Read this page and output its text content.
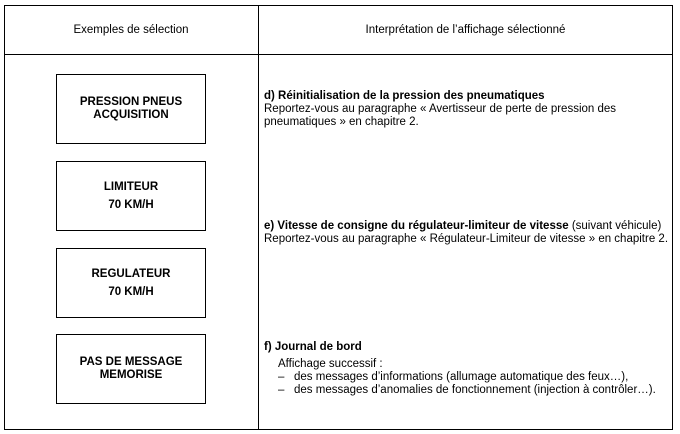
Exemples de sélection	Interprétation de l’affichage sélectionné
PRESSION PNEUS
ACQUISITION
LIMITEUR
70 KM/H
REGULATEUR
70 KM/H
PAS DE MESSAGE
MEMORISE
d) Réinitialisation de la pression des pneumatiques
Reportez-vous au paragraphe « Avertisseur de perte de pression des pneumatiques » en chapitre 2.
e) Vitesse de consigne du régulateur-limiteur de vitesse (suivant véhicule) Reportez-vous au paragraphe « Régulateur-Limiteur de vitesse » en chapitre 2.
f) Journal de bord
Affichage successif :
– des messages d’informations (allumage automatique des feux…),
– des messages d’anomalies de fonctionnement (injection à contrôler…).
